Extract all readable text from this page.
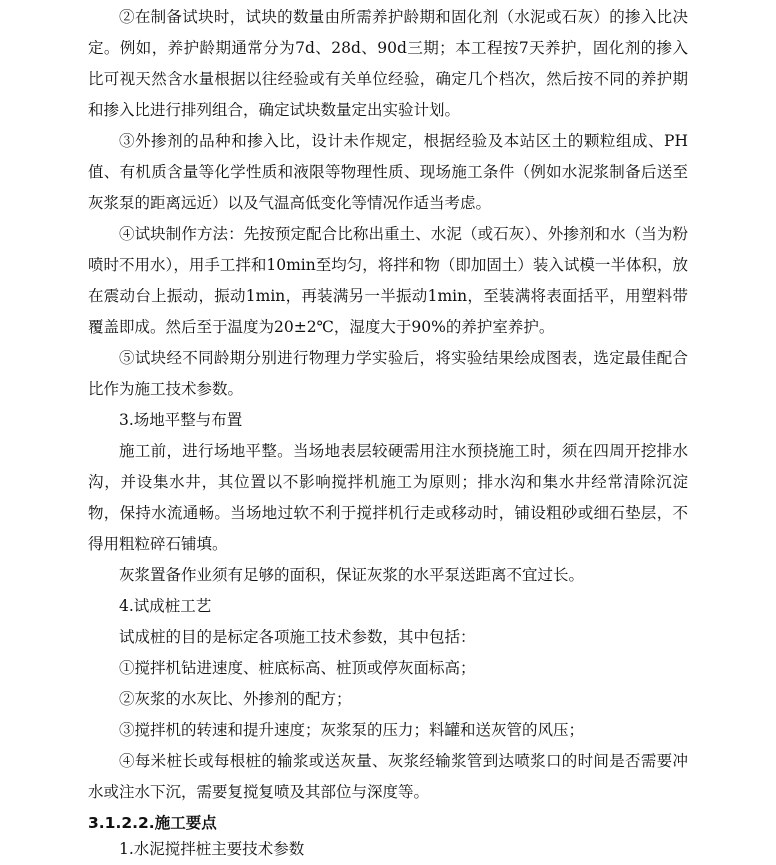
②在制备试块时，试块的数量由所需养护龄期和固化剂（水泥或石灰）的掺入比决定。例如，养护龄期通常分为7d、28d、90d三期；本工程按7天养护，固化剂的掺入比可视天然含水量根据以往经验或有关单位经验，确定几个档次，然后按不同的养护期和掺入比进行排列组合，确定试块数量定出实验计划。

③外掺剂的品种和掺入比，设计未作规定，根据经验及本站区土的颗粒组成、PH值、有机质含量等化学性质和液限等物理性质、现场施工条件（例如水泥浆制备后送至灰浆泵的距离远近）以及气温高低变化等情况作适当考虑。

④试块制作方法：先按预定配合比称出重土、水泥（或石灰）、外掺剂和水（当为粉喷时不用水），用手工拌和10min至均匀，将拌和物（即加固土）装入试模一半体积，放在震动台上振动，振动1min，再装满另一半振动1min，至装满将表面括平，用塑料带覆盖即成。然后至于温度为20±2℃，湿度大于90%的养护室养护。

⑤试块经不同龄期分别进行物理力学实验后，将实验结果绘成图表，选定最佳配合比作为施工技术参数。

3.场地平整与布置

施工前，进行场地平整。当场地表层较硬需用注水预挠施工时，须在四周开挖排水沟，并设集水井，其位置以不影响搅拌机施工为原则；排水沟和集水井经常清除沉淀物，保持水流通畅。当场地过软不利于搅拌机行走或移动时，铺设粗砂或细石垫层，不得用粗粒碎石铺填。

灰浆置备作业须有足够的面积，保证灰浆的水平泵送距离不宜过长。

4.试成桩工艺

试成桩的目的是标定各项施工技术参数，其中包括：

①搅拌机钻进速度、桩底标高、桩顶或停灰面标高；

②灰浆的水灰比、外掺剂的配方；

③搅拌机的转速和提升速度；灰浆泵的压力；料罐和送灰管的风压；

④每米桩长或每根桩的输浆或送灰量、灰浆经输浆管到达喷浆口的时间是否需要冲水或注水下沉，需要复搅复喷及其部位与深度等。

3.1.2.2.施工要点

1.水泥搅拌桩主要技术参数
